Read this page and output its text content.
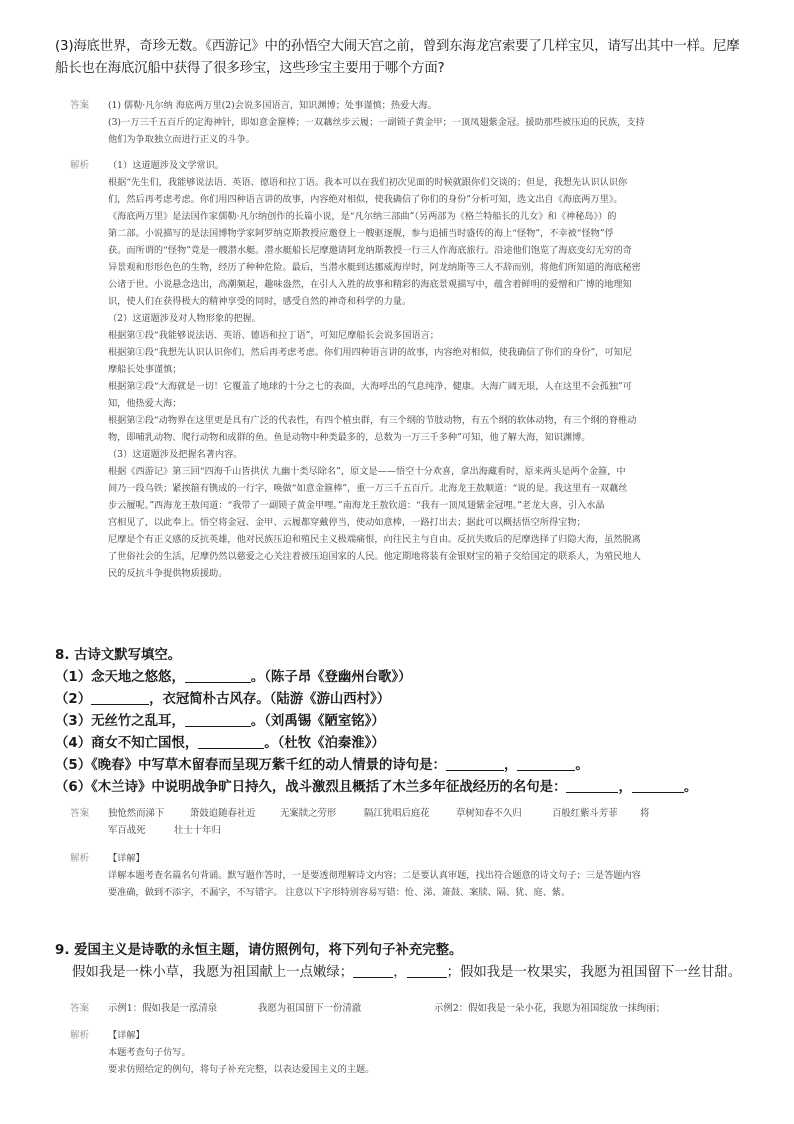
(3)海底世界，奇珍无数。《西游记》中的孙悟空大闹天宫之前，曾到东海龙宫索要了几样宝贝，请写出其中一样。尼摩

船长也在海底沉船中获得了很多珍宝，这些珍宝主要用于哪个方面?

答案 (1) 儒勒·凡尔纳 海底两万里(2)会说多国语言，知识渊博；处事谨慎；热爱大海。

(3)一万三千五百斤的定海神针，即如意金箍棒；一双藕丝步云履；一副锁子黄金甲；一顶凤翅紫金冠。援助那些被压迫的民族，支持

他们为争取独立而进行正义的斗争。

解析 （1）这道题涉及文学常识。

根据“先生们，我能够说法语、英语、德语和拉丁语。我本可以在我们初次见面的时候就跟你们交谈的；但是，我想先认识认识你

们，然后再考虑考虑。你们用四种语言讲的故事，内容绝对相似，使我确信了你们的身份”分析可知，选文出自《海底两万里》。

《海底两万里》是法国作家儒勒·凡尔纳创作的长篇小说，是“凡尔纳三部曲”（另两部为《格兰特船长的儿女》和《神秘岛》）的

第二部。小说描写的是法国博物学家阿罗纳克斯教授应邀登上一艘驱逐舰，参与追捕当时盛传的海上“怪物”，不幸被“怪物”俘

获。而所谓的“怪物”竟是一艘潜水艇。潜水艇船长尼摩邀请阿龙纳斯教授一行三人作海底旅行。沿途他们饱览了海底变幻无穷的奇

异景观和形形色色的生物，经历了种种危险。最后，当潜水艇到达挪威海岸时，阿龙纳斯等三人不辞而别，将他们所知道的海底秘密

公诸于世。小说悬念迭出，高潮频起，趣味盎然，在引人入胜的故事和精彩的海底景观描写中，蕴含着鲜明的爱憎和广博的地理知

识，使人们在获得极大的精神享受的同时，感受自然的神奇和科学的力量。

（2）这道题涉及对人物形象的把握。

根据第①段“我能够说法语、英语、德语和拉丁语”，可知尼摩船长会说多国语言；

根据第①段“我想先认识认识你们，然后再考虑考虑。你们用四种语言讲的故事，内容绝对相似，使我确信了你们的身份”，可知尼

摩船长处事谨慎；

根据第②段“大海就是一切！它覆盖了地球的十分之七的表面，大海呼出的气息纯净、健康。大海广阔无垠，人在这里不会孤独”可

知，他热爱大海；

根据第②段“动物界在这里更是具有广泛的代表性，有四个植虫群，有三个纲的节肢动物，有五个纲的软体动物，有三个纲的脊椎动

物，即哺乳动物、爬行动物和成群的鱼。鱼是动物中种类最多的，总数为一万三千多种”可知，他了解大海，知识渊博。

（3）这道题涉及把握名著内容。

根据《西游记》第三回“四海千山皆拱伏 九幽十类尽除名”，原文是——悟空十分欢喜，拿出海藏看时，原来两头是两个金箍，中

间乃一段乌铁；紧挨箍有镌成的一行字，唤做“如意金箍棒”，重一万三千五百斤。北海龙王敖顺道：“说的是。我这里有一双藕丝

步云履呢。”西海龙王敖闰道：“我带了一副锁子黄金甲哩。”南海龙王敖钦道：“我有一顶凤翅紫金冠哩。”老龙大喜，引入水晶

宫相见了，以此奉上。悟空将金冠、金甲、云履都穿戴停当，使动如意棒，一路打出去；据此可以概括悟空所得宝物；

尼摩是个有正义感的反抗英雄，他对民族压迫和殖民主义极端痛恨，向往民主与自由。反抗失败后的尼摩选择了归隐大海，虽然脱离

了世俗社会的生活，尼摩仍然以慈爱之心关注着被压迫国家的人民。他定期地将装有金银财宝的箱子交给国定的联系人，为殖民地人

民的反抗斗争提供物质援助。

8. 古诗文默写填空。

（1）念天地之悠悠，	。（陈子昂《登幽州台歌》）

（2）	，衣冠简朴古风存。（陆游《游山西村》）

（3）无丝竹之乱耳，	。（刘禹锡《陋室铭》）

（4）商女不知亡国恨，	。（杜牧《泊秦淮》）

（5）《晚春》中写草木留春而呈现万紫千红的动人情景的诗句是：	，	。

（6）《木兰诗》中说明战争旷日持久，战斗激烈且概括了木兰多年征战经历的名句是：	，	。

答案 独怆然而涕下	箫鼓追随春社近	无案牍之劳形	隔江犹唱后庭花	草树知春不久归	百般红紫斗芳菲 将
军百战死	壮士十年归
解析 【详解】

详解本题考查名篇名句背诵。默写题作答时，一是要透彻理解诗文内容；二是要认真审题，找出符合题意的诗文句子；三是答题内容

要准确，做到不添字，不漏字，不写错字。 注意以下字形特别容易写错：怆、涕、箫鼓、案牍、隔、犹、庭、紫。

9. 爱国主义是诗歌的永恒主题，请仿照例句，将下列句子补充完整。

假如我是一株小草，我愿为祖国献上一点嫩绿；	，	；假如我是一枚果实，我愿为祖国留下一丝甘甜。

答案 示例1：假如我是一泓清泉	我愿为祖国留下一份清澈	示例2：假如我是一朵小花，我愿为祖国绽放一抹绚丽；
解析 【详解】

本题考查句子仿写。

要求仿照给定的例句，将句子补充完整，以表达爱国主义的主题。
